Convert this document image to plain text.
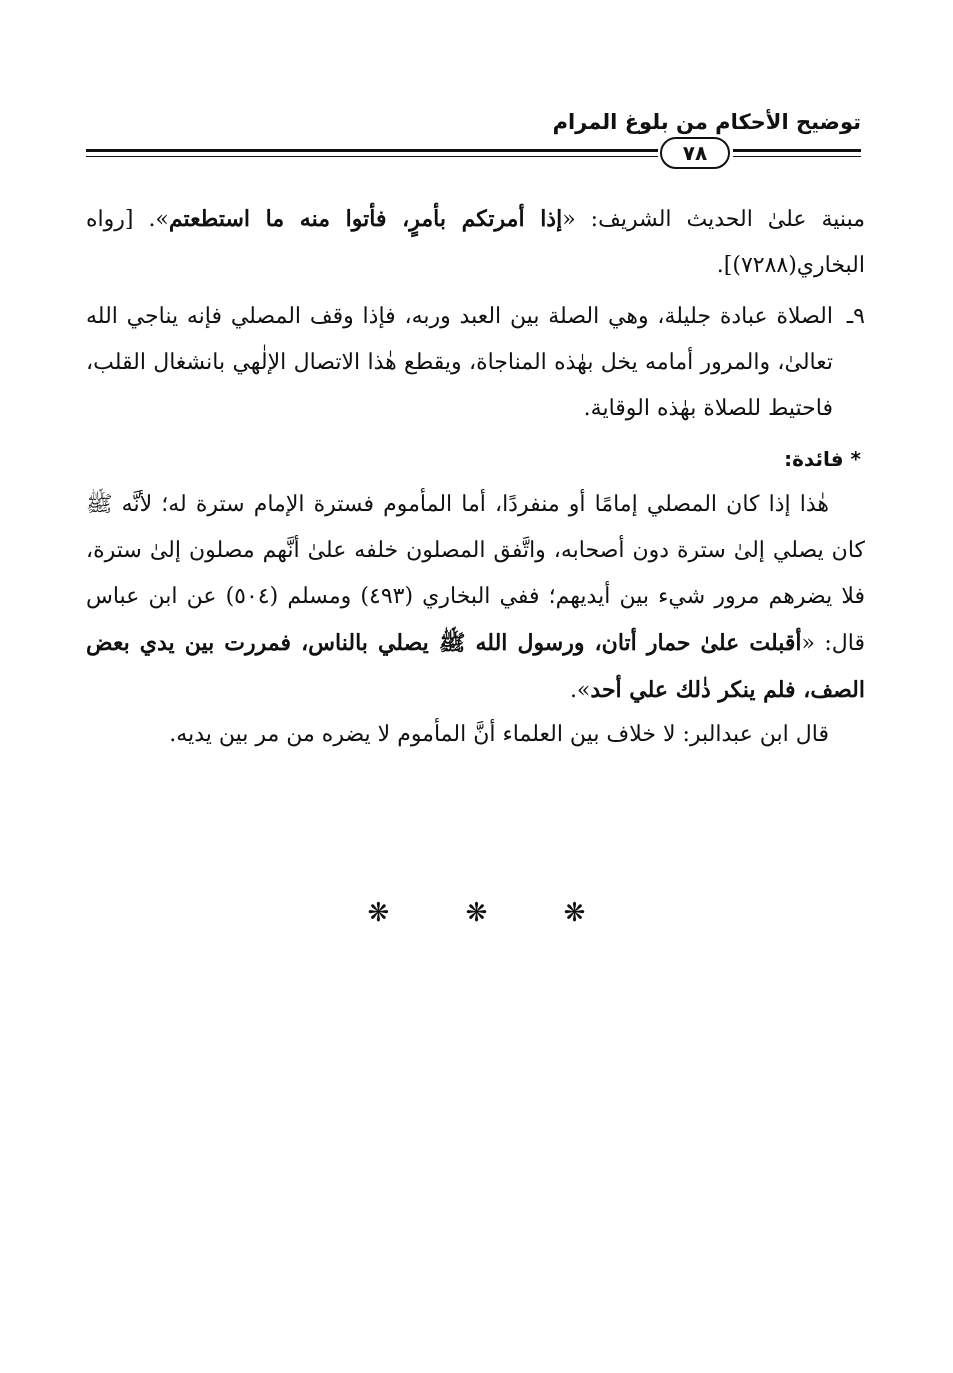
توضيح الأحكام من بلوغ المرام
٧٨
مبنية علىٰ الحديث الشريف: «إذا أمرتكم بأمرٍ، فأتوا منه ما استطعتم». [رواه البخاري(٧٢٨٨)].
٩ـ
الصلاة عبادة جليلة، وهي الصلة بين العبد وربه، فإذا وقف المصلي فإنه يناجي الله تعالىٰ، والمرور أمامه يخل بهٰذه المناجاة، ويقطع هٰذا الاتصال الإلٰهي بانشغال القلب، فاحتيط للصلاة بهٰذه الوقاية.
* فائدة:
هٰذا إذا كان المصلي إمامًا أو منفردًا، أما المأموم فسترة الإمام سترة له؛ لأنَّه ﷺ كان يصلي إلىٰ سترة دون أصحابه، واتَّفق المصلون خلفه علىٰ أنَّهم مصلون إلىٰ سترة، فلا يضرهم مرور شيء بين أيديهم؛ ففي البخاري (٤٩٣) ومسلم (٥٠٤) عن ابن عباس قال: «أقبلت علىٰ حمار أتان، ورسول الله ﷺ يصلي بالناس، فمررت بين يدي بعض الصف، فلم ينكر ذٰلك علي أحد».
قال ابن عبدالبر: لا خلاف بين العلماء أنَّ المأموم لا يضره من مر بين يديه.
❋ ❋ ❋
